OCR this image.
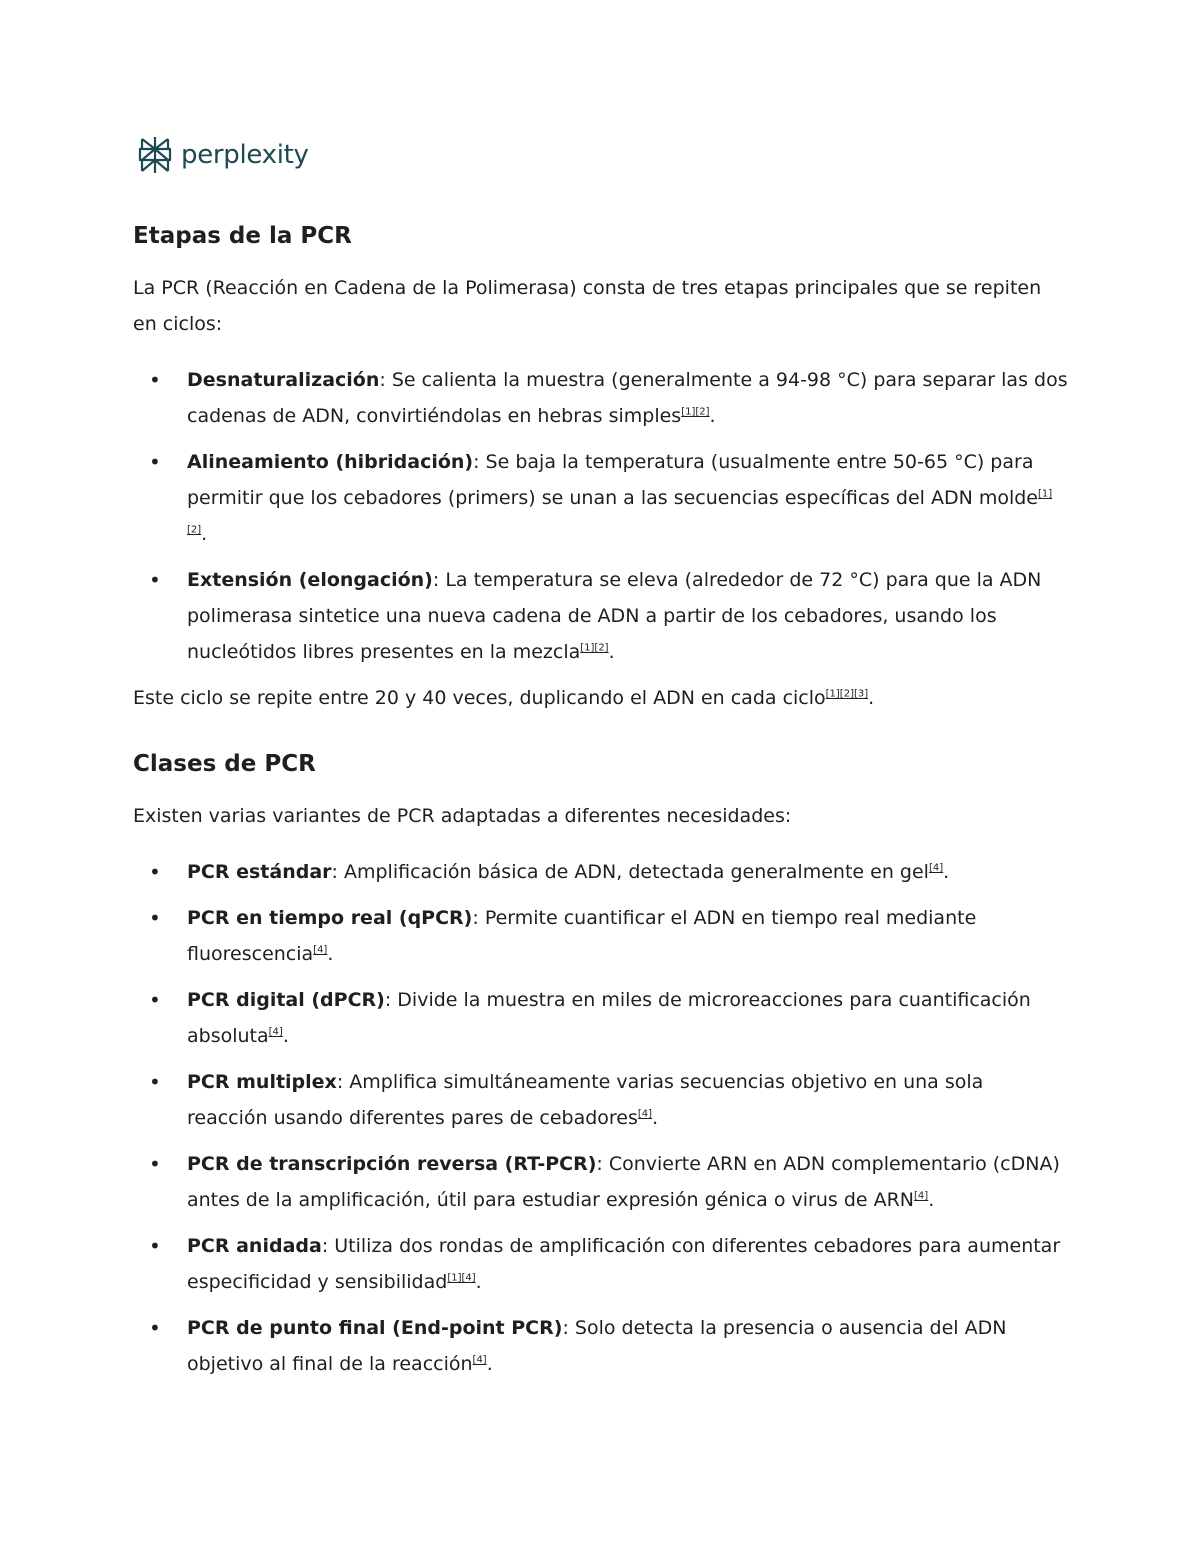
perplexity
Etapas de la PCR

La PCR (Reacción en Cadena de la Polimerasa) consta de tres etapas principales que se repiten en ciclos:

• Desnaturalización: Se calienta la muestra (generalmente a 94-98 °C) para separar las dos cadenas de ADN, convirtiéndolas en hebras simples[1][2].
• Alineamiento (hibridación): Se baja la temperatura (usualmente entre 50-65 °C) para permitir que los cebadores (primers) se unan a las secuencias específicas del ADN molde[1][2].
• Extensión (elongación): La temperatura se eleva (alrededor de 72 °C) para que la ADN polimerasa sintetice una nueva cadena de ADN a partir de los cebadores, usando los nucleótidos libres presentes en la mezcla[1][2].

Este ciclo se repite entre 20 y 40 veces, duplicando el ADN en cada ciclo[1][2][3].

Clases de PCR

Existen varias variantes de PCR adaptadas a diferentes necesidades:

• PCR estándar: Amplificación básica de ADN, detectada generalmente en gel[4].
• PCR en tiempo real (qPCR): Permite cuantificar el ADN en tiempo real mediante fluorescencia[4].
• PCR digital (dPCR): Divide la muestra en miles de microreacciones para cuantificación absoluta[4].
• PCR multiplex: Amplifica simultáneamente varias secuencias objetivo en una sola reacción usando diferentes pares de cebadores[4].
• PCR de transcripción reversa (RT-PCR): Convierte ARN en ADN complementario (cDNA) antes de la amplificación, útil para estudiar expresión génica o virus de ARN[4].
• PCR anidada: Utiliza dos rondas de amplificación con diferentes cebadores para aumentar especificidad y sensibilidad[1][4].
• PCR de punto final (End-point PCR): Solo detecta la presencia o ausencia del ADN objetivo al final de la reacción[4].
